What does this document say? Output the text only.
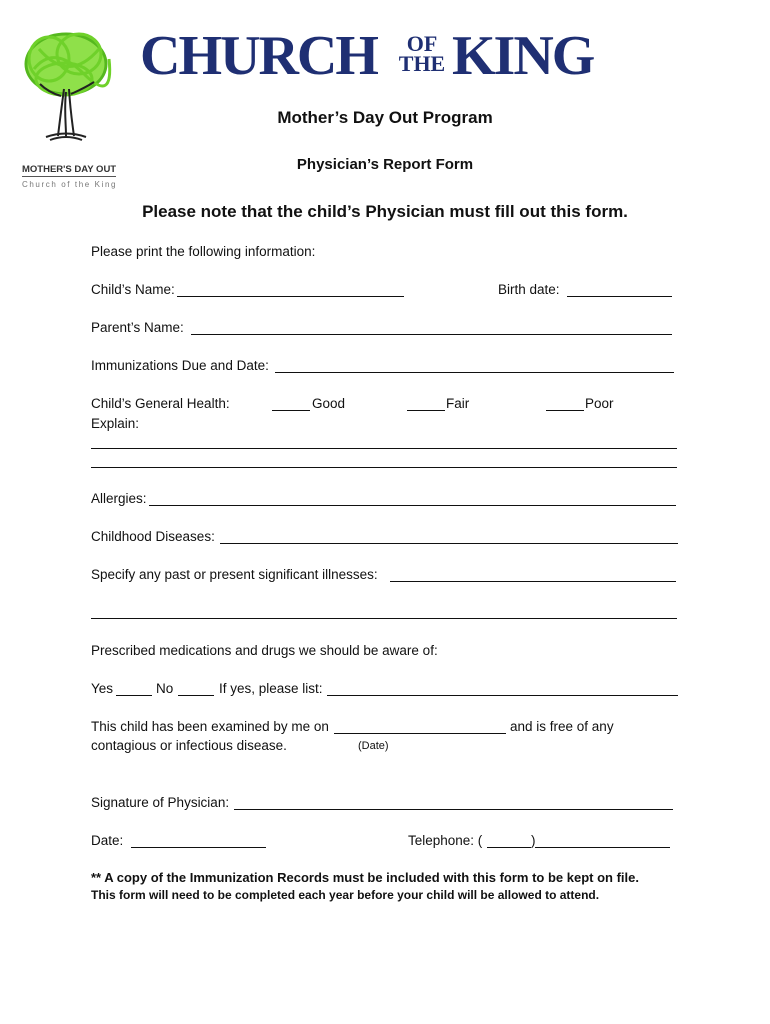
MOTHER'S DAY OUT
Church of the King
CHURCH	OF
THE KING
Mother’s Day Out Program
Physician’s Report Form
Please note that the child’s Physician must fill out this form.
Please print the following information:
Child’s Name:	Birth date:
Parent’s Name:
Immunizations Due and Date:
Child’s General Health:	Good	Fair	Poor
Explain:
Allergies:
Childhood Diseases:
Specify any past or present significant illnesses:
Prescribed medications and drugs we should be aware of:
Yes	No	If yes, please list:
This child has been examined by me on	and is free of any
contagious or infectious disease.	(Date)
Signature of Physician:
Date:	Telephone: (	)
** A copy of the Immunization Records must be included with this form to be kept on file.
This form will need to be completed each year before your child will be allowed to attend.
